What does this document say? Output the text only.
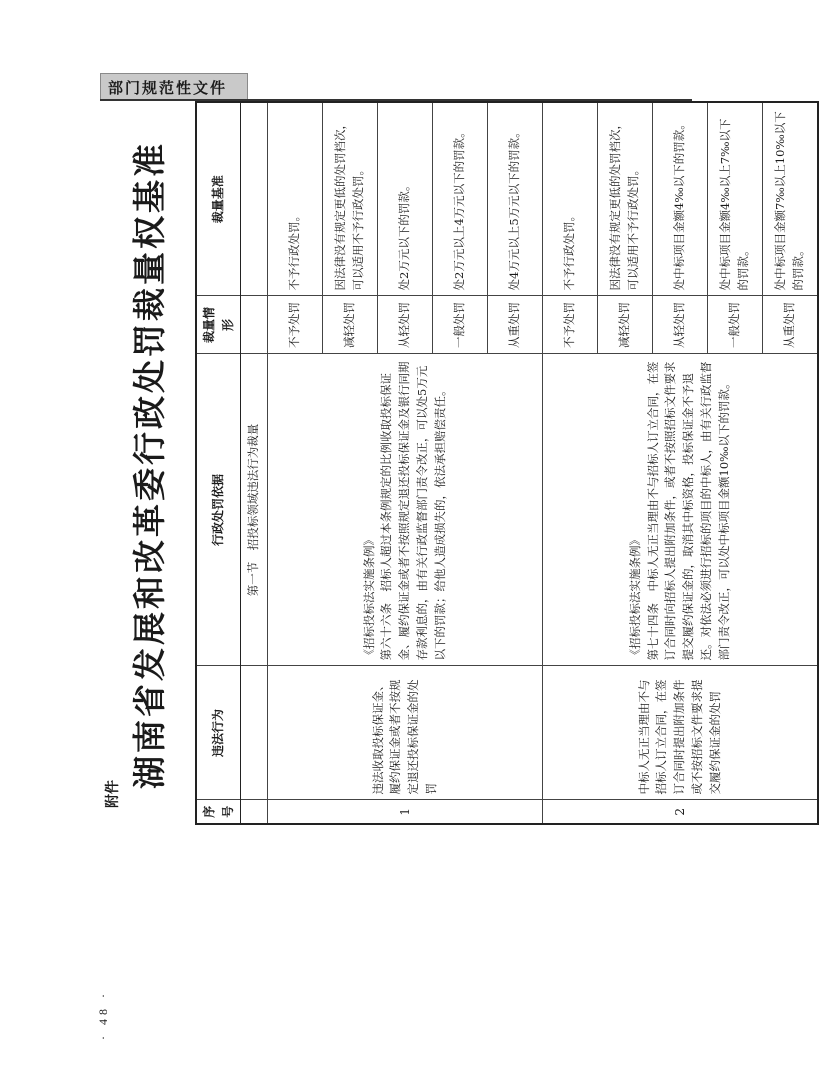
部门规范性文件
· 48 ·
附件
湖南省发展和改革委行政处罚裁量权基准
序号	违法行为	行政处罚依据	裁量情形	裁量基准
		第一节　招投标领域违法行为裁量		
1	违法收取投标保证金、履约保证金或者不按规定退还投标保证金的处罚	《招标投标法实施条例》 第六十六条　招标人超过本条例规定的比例收取投标保证金、履约保证金或者不按照规定退还投标保证金及银行同期存款利息的，由有关行政监督部门责令改正，可以处5万元以下的罚款；给他人造成损失的，依法承担赔偿责任。	不予处罚	不予行政处罚。
			减轻处罚	因法律没有规定更低的处罚档次，可以适用不予行政处罚。
			从轻处罚	处2万元以下的罚款。
			一般处罚	处2万元以上4万元以下的罚款。
			从重处罚	处4万元以上5万元以下的罚款。
2	中标人无正当理由不与招标人订立合同，在签订合同时提出附加条件或不按招标文件要求提交履约保证金的处罚	《招标投标法实施条例》 第七十四条　中标人无正当理由不与招标人订立合同，在签订合同时向招标人提出附加条件，或者不按照招标文件要求提交履约保证金的，取消其中标资格，投标保证金不予退还。对依法必须进行招标的项目的中标人，由有关行政监督部门责令改正，可以处中标项目金额10‰以下的罚款。	不予处罚	不予行政处罚。
			减轻处罚	因法律没有规定更低的处罚档次，可以适用不予行政处罚。
			从轻处罚	处中标项目金额4‰以下的罚款。
			一般处罚	处中标项目金额4‰以上7‰以下的罚款。
			从重处罚	处中标项目金额7‰以上10‰以下的罚款。
